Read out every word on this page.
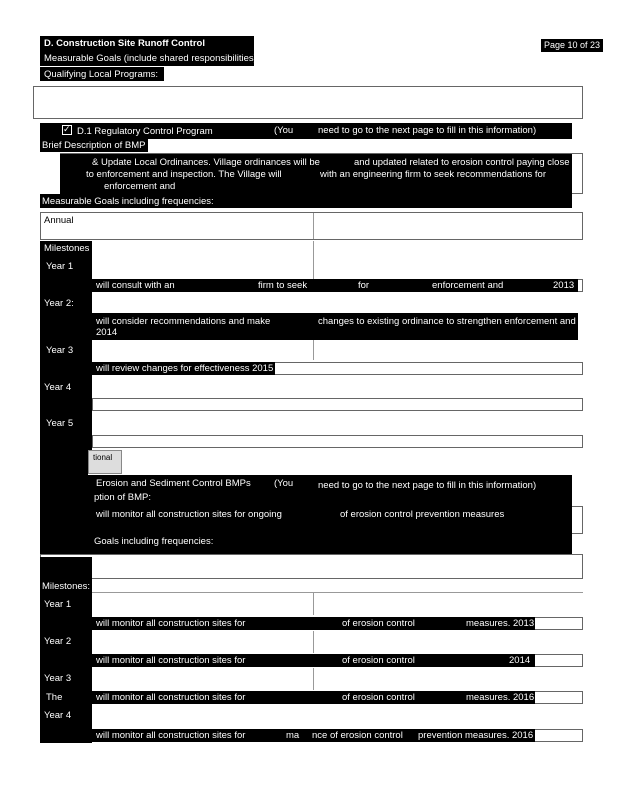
D. Construction Site Runoff Control
Measurable Goals (include shared responsibilities)
Qualifying Local Programs:
Page 10 of 23
✓D.1 Regulatory Control Program	(You	need to go to the next page to fill in this information)
Brief Description of BMP
& Update Local Ordinances. Village ordinances will be	and updated related to erosion control paying close
to enforcement and inspection. The Village will	with an engineering firm to seek recommendations for
enforcement and
Measurable Goals including frequencies:
Annual
Milestones
Year 1
will consult with an	firm to seek	for	enforcement and	2013
Year 2:
will consider recommendations and make	changes to existing ordinance to strengthen enforcement and
2014
Year 3
will review changes for effectiveness 2015
Year 4
Year 5
tional
Erosion and Sediment Control BMPs (You	need to go to the next page to fill in this information)
ption of BMP:
will monitor all construction sites for ongoing	of erosion control prevention measures
Goals including frequencies:
Milestones:
Year 1
will monitor all construction sites for	of erosion control	measures. 2013
Year 2
will monitor all construction sites for	of erosion control	2014
Year 3
The	will monitor all construction sites for	of erosion control	measures. 2016
Year 4
will monitor all construction sites for	ma nce of erosion control prevention measures. 2016
